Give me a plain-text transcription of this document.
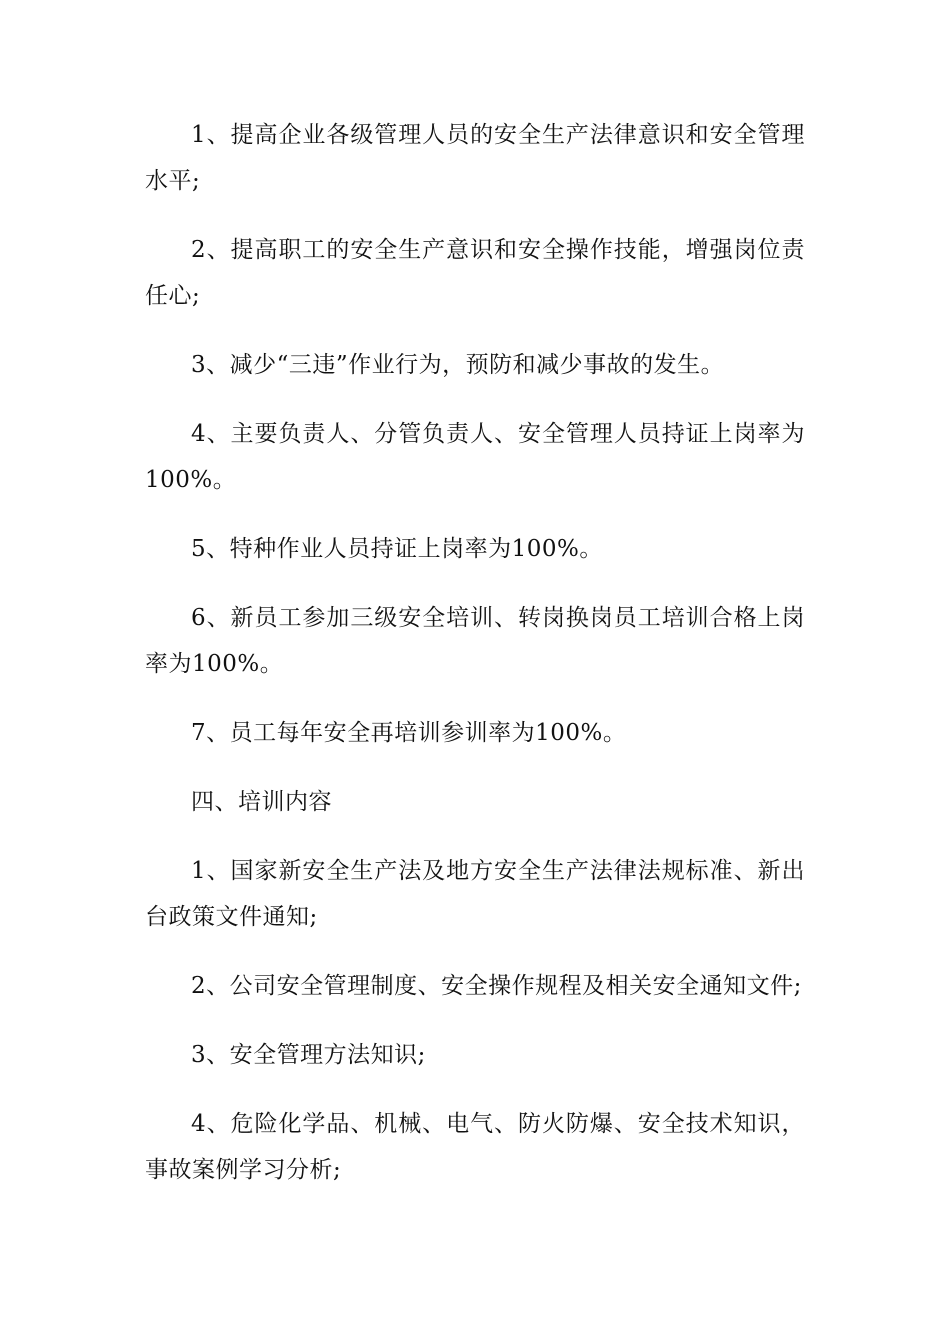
1、提高企业各级管理人员的安全生产法律意识和安全管理水平;

2、提高职工的安全生产意识和安全操作技能，增强岗位责任心;

3、减少“三违”作业行为，预防和减少事故的发生。

4、主要负责人、分管负责人、安全管理人员持证上岗率为100%。

5、特种作业人员持证上岗率为100%。

6、新员工参加三级安全培训、转岗换岗员工培训合格上岗率为100%。

7、员工每年安全再培训参训率为100%。

四、培训内容

1、国家新安全生产法及地方安全生产法律法规标准、新出台政策文件通知;

2、公司安全管理制度、安全操作规程及相关安全通知文件;

3、安全管理方法知识;

4、危险化学品、机械、电气、防火防爆、安全技术知识，事故案例学习分析;
